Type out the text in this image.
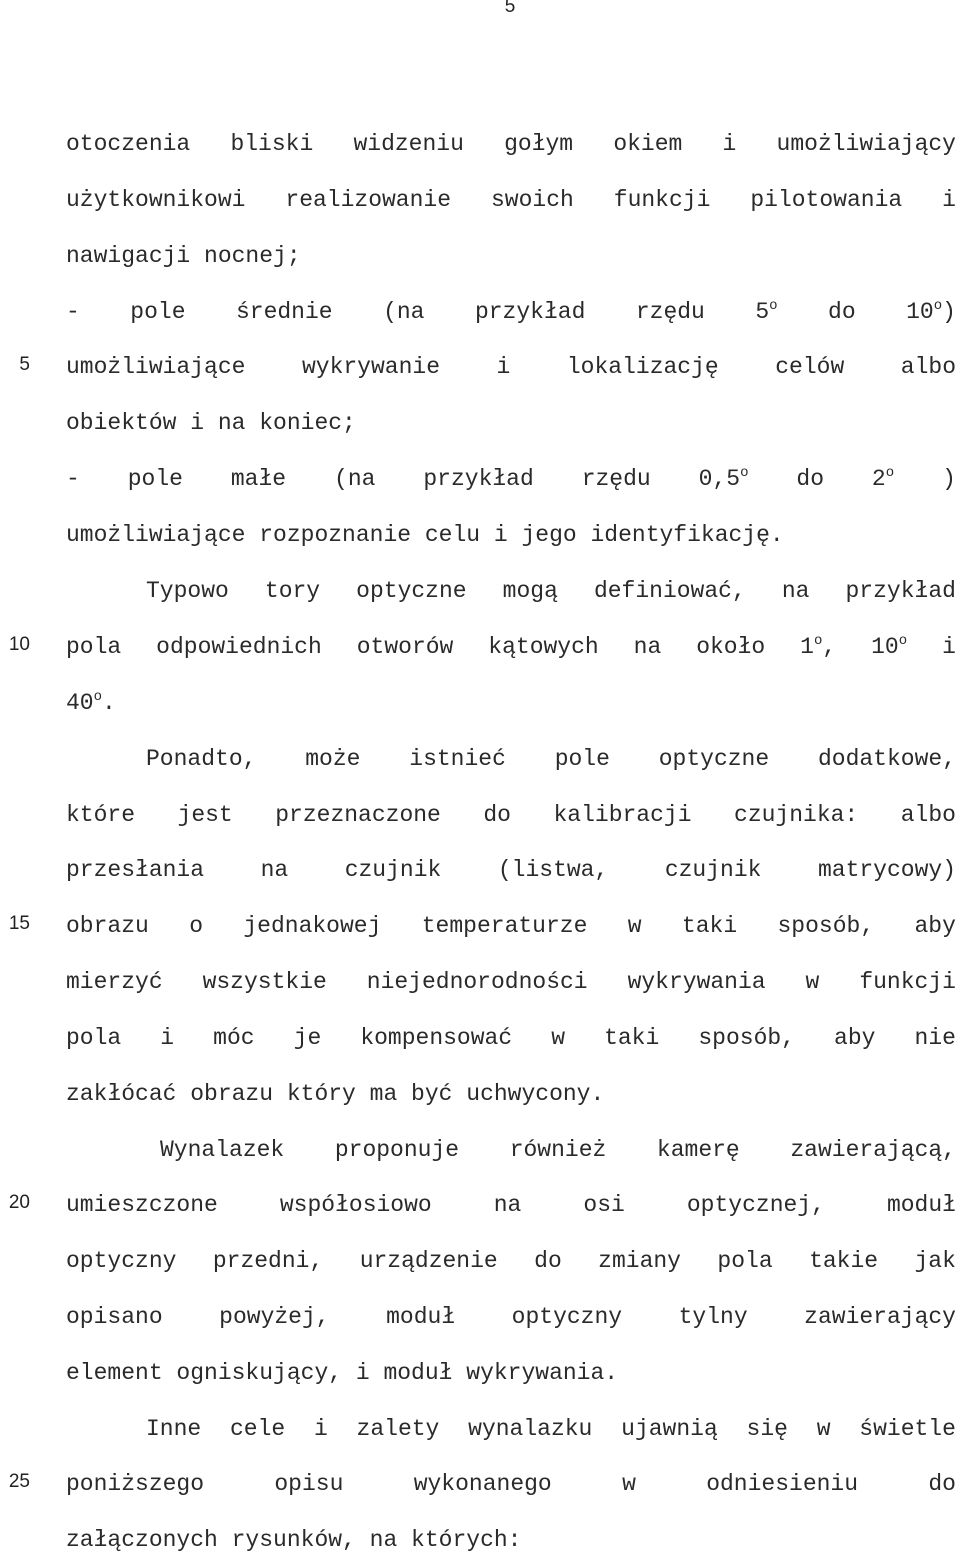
5
5
10
15
20
25
otoczenia bliski widzeniu gołym okiem i umożliwiający
użytkownikowi realizowanie swoich funkcji pilotowania i
nawigacji nocnej;
- pole średnie (na przykład rzędu 5$^o$ do 10$^o$)
umożliwiające wykrywanie i lokalizację celów albo
obiektów i na koniec;
- pole małe (na przykład rzędu 0,5$^o$ do 2$^o$ )
umożliwiające rozpoznanie celu i jego identyfikację.
Typowo tory optyczne mogą definiować, na przykład
pola odpowiednich otworów kątowych na około 1$^o$, 10$^o$ i
40$^o$.
Ponadto, może istnieć pole optyczne dodatkowe,
które jest przeznaczone do kalibracji czujnika: albo
przesłania na czujnik (listwa, czujnik matrycowy)
obrazu o jednakowej temperaturze w taki sposób, aby
mierzyć wszystkie niejednorodności wykrywania w funkcji
pola i móc je kompensować w taki sposób, aby nie
zakłócać obrazu który ma być uchwycony.
Wynalazek proponuje również kamerę zawierającą,
umieszczone	współosiowo	na	osi	optycznej,	moduł
optyczny przedni, urządzenie do zmiany pola takie jak
opisano powyżej, moduł optyczny tylny zawierający
element ogniskujący, i moduł wykrywania.
Inne cele i zalety wynalazku ujawnią się w świetle
poniższego	opisu	wykonanego	w	odniesieniu	do
załączonych rysunków, na których:
